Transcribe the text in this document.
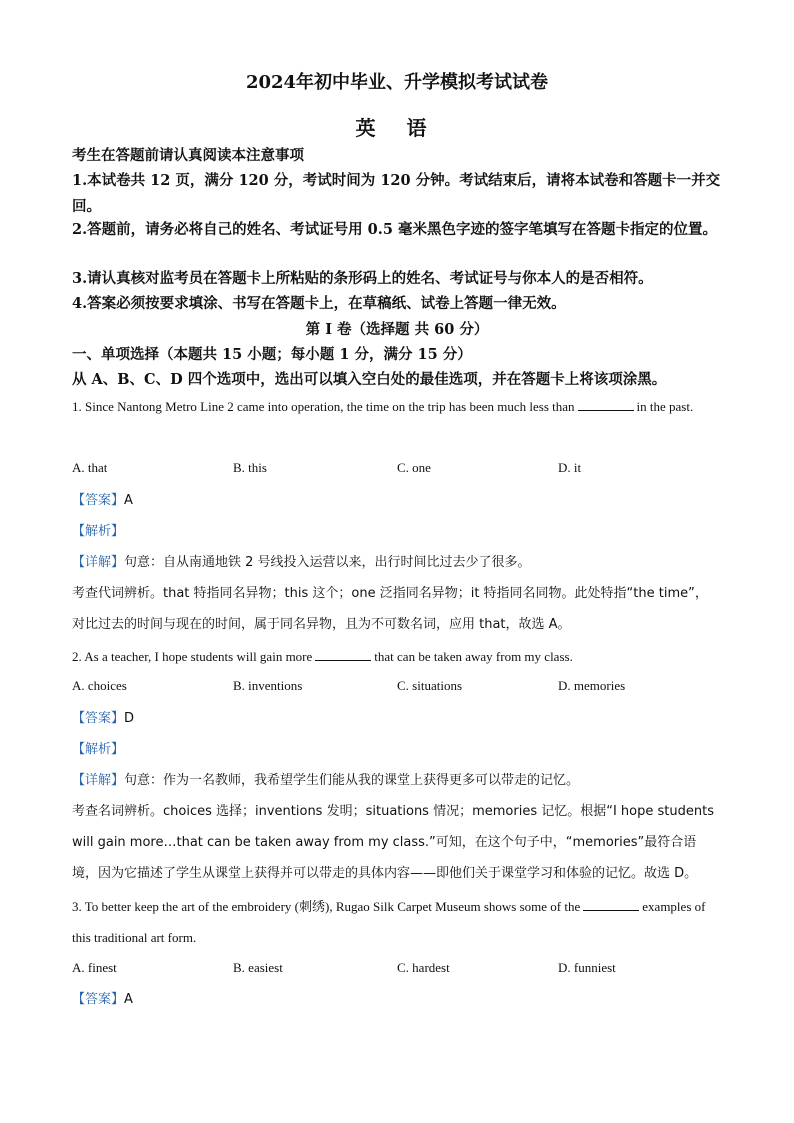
2024年初中毕业、升学模拟考试试卷
英 语
考生在答题前请认真阅读本注意事项
1.本试卷共 12 页，满分 120 分，考试时间为 120 分钟。考试结束后，请将本试卷和答题卡一并交回。
2.答题前，请务必将自己的姓名、考试证号用 0.5 毫米黑色字迹的签字笔填写在答题卡指定的位置。
3.请认真核对监考员在答题卡上所粘贴的条形码上的姓名、考试证号与你本人的是否相符。
4.答案必须按要求填涂、书写在答题卡上，在草稿纸、试卷上答题一律无效。
第 I 卷（选择题 共 60 分）
一、单项选择（本题共 15 小题；每小题 1 分，满分 15 分）
从 A、B、C、D 四个选项中，选出可以填入空白处的最佳选项，并在答题卡上将该项涂黑。
1. Since Nantong Metro Line 2 came into operation, the time on the trip has been much less than	in the past.
A. that	B. this	C. one	D. it
【答案】A
【解析】
【详解】句意：自从南通地铁 2 号线投入运营以来，出行时间比过去少了很多。
考查代词辨析。that 特指同名异物；this 这个；one 泛指同名异物；it 特指同名同物。此处特指“the time”，对比过去的时间与现在的时间，属于同名异物，且为不可数名词，应用 that，故选 A。
2. As a teacher, I hope students will gain more	that can be taken away from my class.
A. choices	B. inventions	C. situations	D. memories
【答案】D
【解析】
【详解】句意：作为一名教师，我希望学生们能从我的课堂上获得更多可以带走的记忆。
考查名词辨析。choices 选择；inventions 发明；situations 情况；memories 记忆。根据“I hope students will gain more…that can be taken away from my class.”可知，在这个句子中，“memories”最符合语境，因为它描述了学生从课堂上获得并可以带走的具体内容——即他们关于课堂学习和体验的记忆。故选 D。
3. To better keep the art of the embroidery (刺绣), Rugao Silk Carpet Museum shows some of the	examples of this traditional art form.
A. finest	B. easiest	C. hardest	D. funniest
【答案】A
